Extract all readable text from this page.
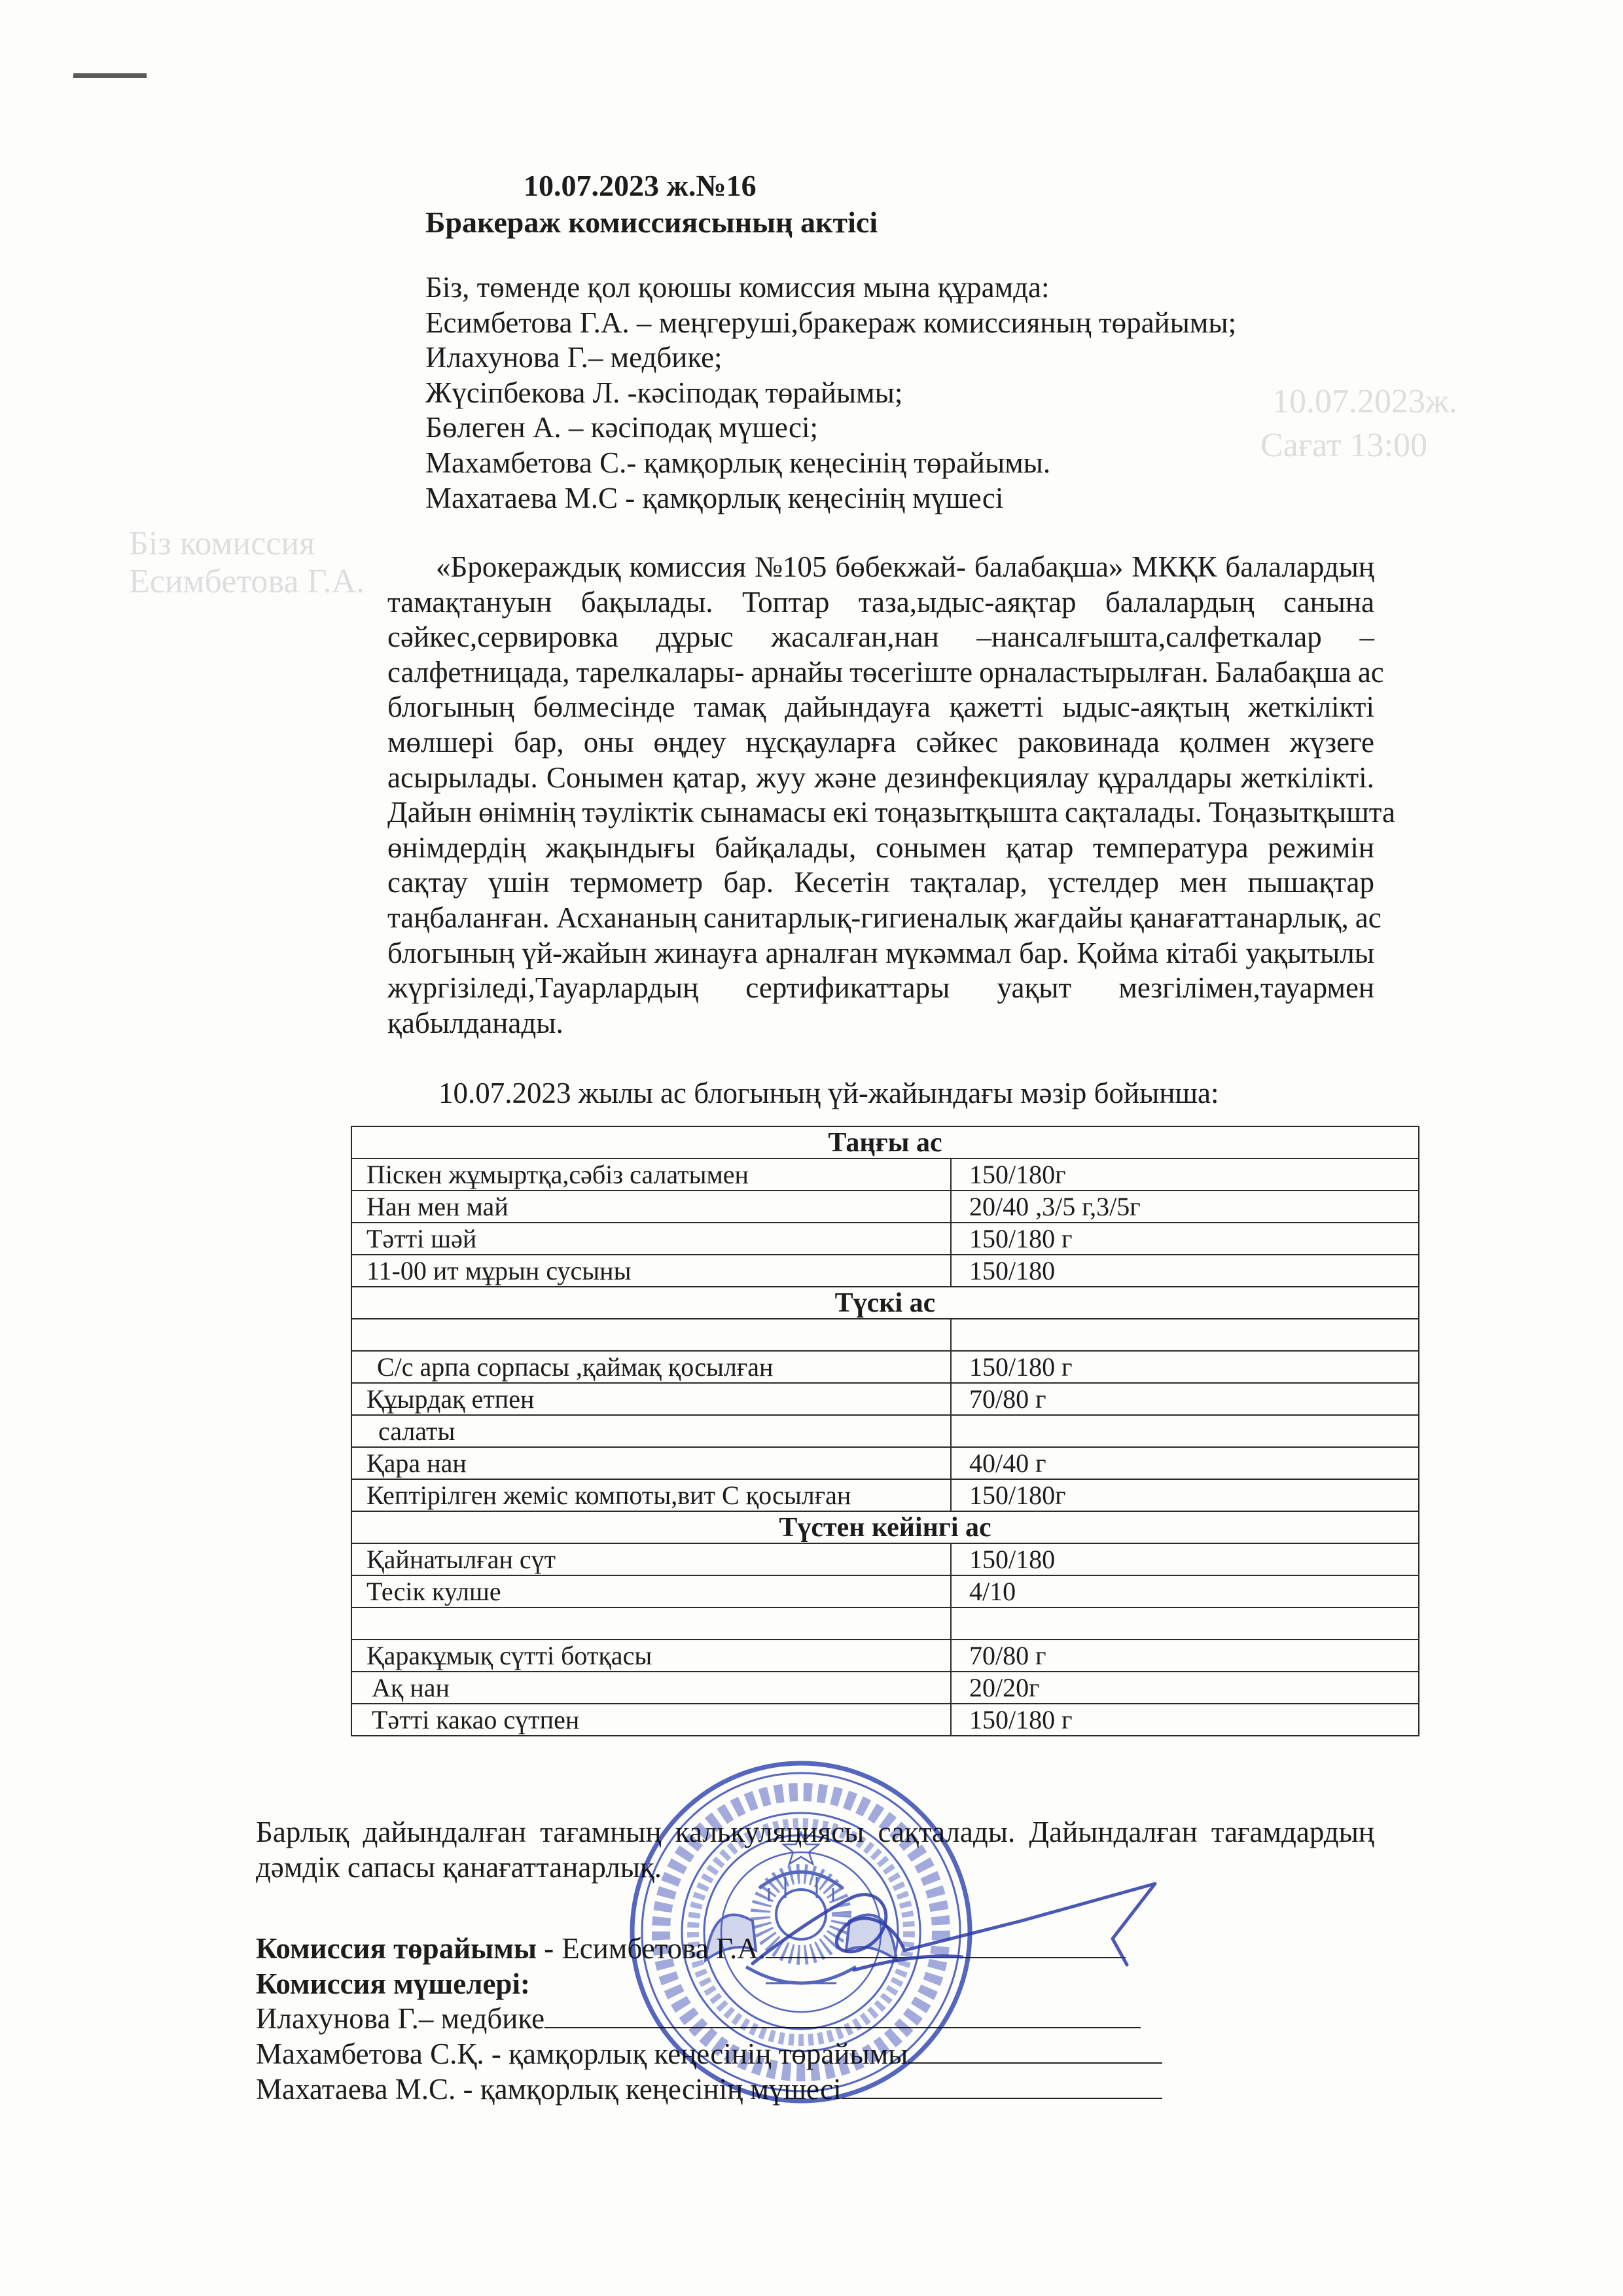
10.07.2023ж.
Сағат 13:00
Біз комиссия
Есимбетова Г.А.
10.07.2023 ж.№16
Бракераж комиссиясының актісі
Біз, төменде қол қоюшы комиссия мына құрамда:
Есимбетова Г.А. – меңгеруші,бракераж комиссияның төрайымы;
Илахунова Г.– медбике;
Жүсіпбекова Л. -кәсіподақ төрайымы;
Бөлеген А. – кәсіподақ мүшесі;
Махамбетова С.- қамқорлық кеңесінің төрайымы.
Махатаева М.С - қамқорлық кеңесінің мүшесі
«Брокераждық комиссия №105 бөбекжай- балабақша» МКҚК балалардың
тамақтануын бақылады. Топтар таза,ыдыс-аяқтар балалардың санына
сәйкес,сервировка дұрыс жасалған,нан –нансалғышта,салфеткалар –
салфетницада, тарелкалары- арнайы төсегіште орналастырылған. Балабақша ас
блогының бөлмесінде тамақ дайындауға қажетті ыдыс-аяқтың жеткілікті
мөлшері бар, оны өңдеу нұсқауларға сәйкес раковинада қолмен жүзеге
асырылады. Сонымен қатар, жуу және дезинфекциялау құралдары жеткілікті.
Дайын өнімнің тәуліктік сынамасы екі тоңазытқышта сақталады. Тоңазытқышта
өнімдердің жақындығы байқалады, сонымен қатар температура режимін
сақтау үшін термометр бар. Кесетін тақталар, үстелдер мен пышақтар
таңбаланған. Асхананың санитарлық-гигиеналық жағдайы қанағаттанарлық, ас
блогының үй-жайын жинауға арналған мүкәммал бар. Қойма кітабі уақытылы
жүргізіледі,Тауарлардың сертификаттары уақыт мезгілімен,тауармен
қабылданады.
10.07.2023 жылы ас блогының үй-жайындағы мәзір бойынша:
Таңғы ас	
Піскен жұмыртқа,сәбіз салатымен	150/180г
Нан мен май	20/40 ,3/5 г,3/5г
Тәтті шәй	150/180 г
11-00 ит мұрын сусыны	150/180
Түскі ас	

С/с арпа сорпасы ,қаймақ қосылған	150/180 г
Құырдақ етпен	70/80 г
салаты	
Қара нан	40/40 г
Кептірілген жеміс компоты,вит С қосылған	150/180г
Түстен кейінгі ас	
Қайнатылған сүт	150/180
Тесік кулше	4/10

Қаракұмық сүтті ботқасы	70/80 г
Ақ нан	20/20г
Тәтті какао сүтпен	150/180 г
Барлық дайындалған тағамның калькуляциясы сақталады. Дайындалған тағамдардың
дәмдік сапасы қанағаттанарлық.
Комиссия төрайымы - Есимбетова Г.А.
Комиссия мүшелері:
Илахунова Г.– медбике
Махамбетова С.Қ. - қамқорлық кеңесінің төрайымы
Махатаева М.С. - қамқорлық кеңесінің мүшесі
